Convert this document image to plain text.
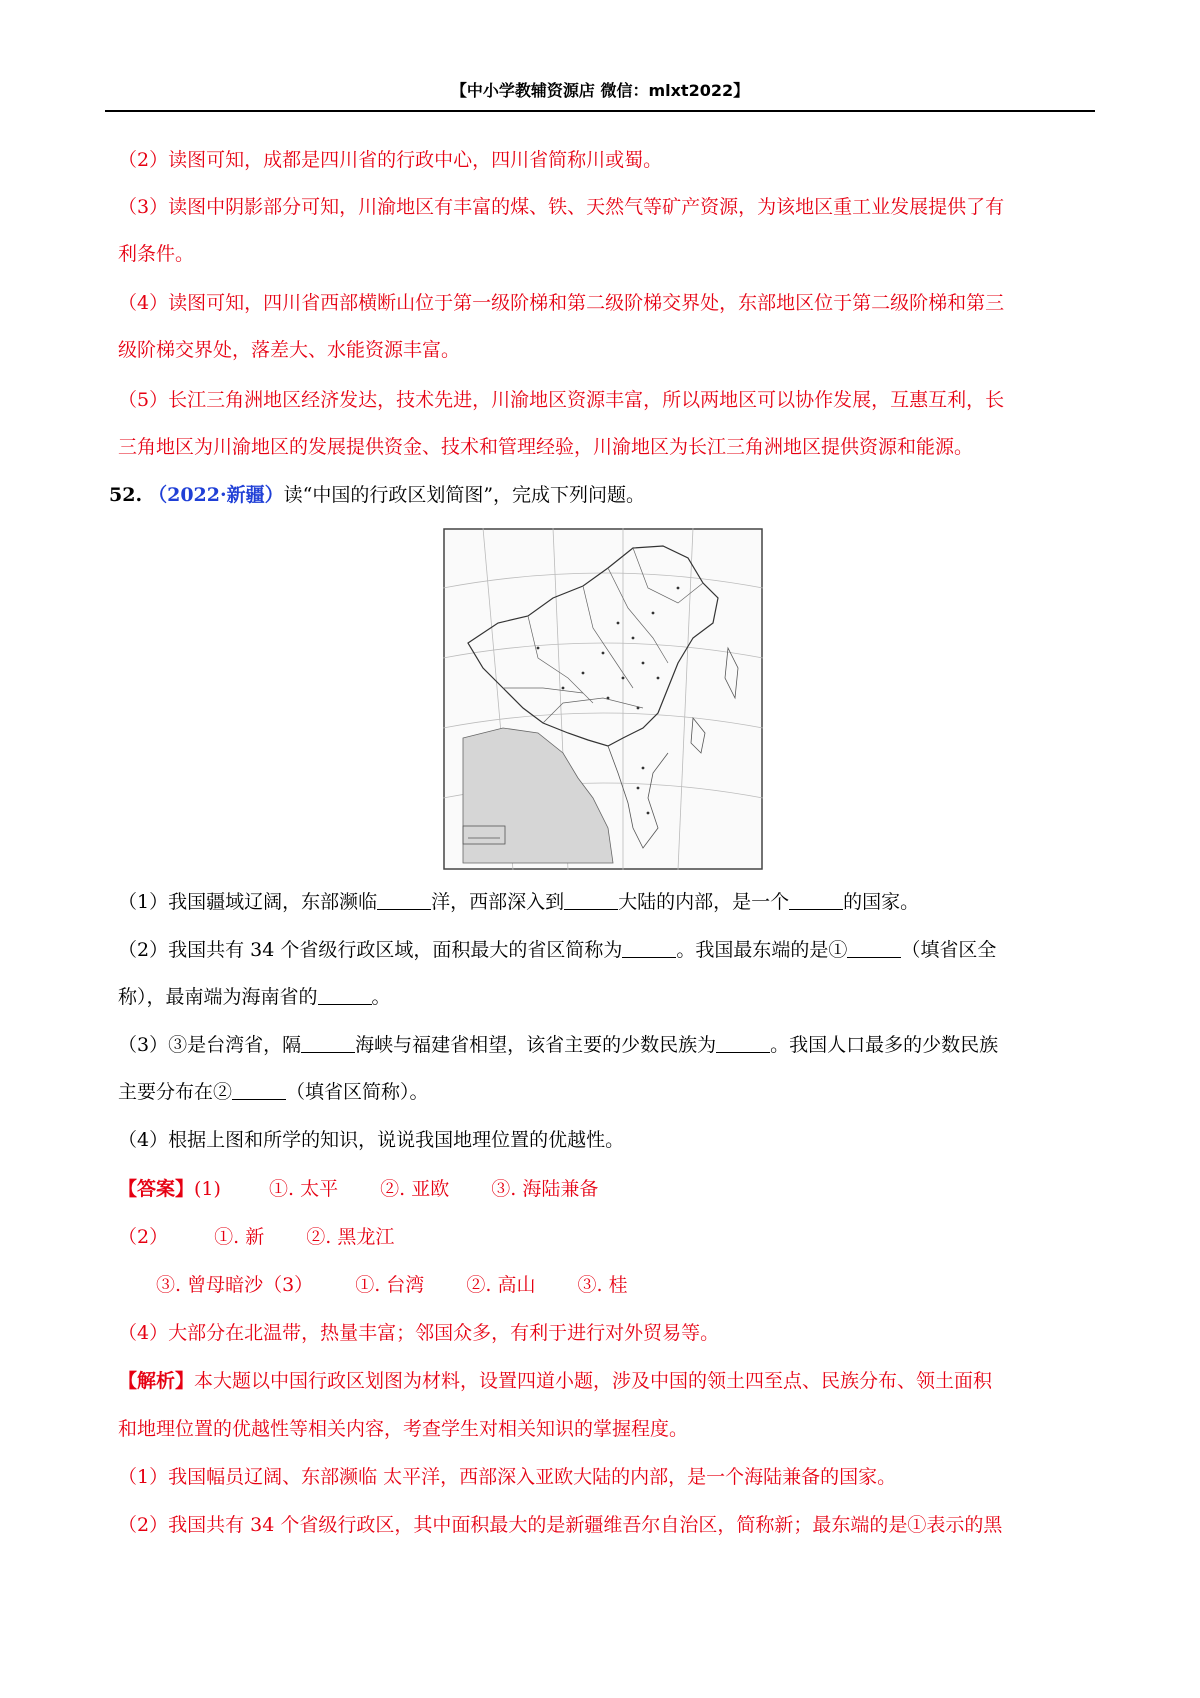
【中小学教辅资源店 微信：mlxt2022】
（2）读图可知，成都是四川省的行政中心，四川省简称川或蜀。
（3）读图中阴影部分可知，川渝地区有丰富的煤、铁、天然气等矿产资源，为该地区重工业发展提供了有
利条件。
（4）读图可知，四川省西部横断山位于第一级阶梯和第二级阶梯交界处，东部地区位于第二级阶梯和第三
级阶梯交界处，落差大、水能资源丰富。
（5）长江三角洲地区经济发达，技术先进，川渝地区资源丰富，所以两地区可以协作发展，互惠互利，长
三角地区为川渝地区的发展提供资金、技术和管理经验，川渝地区为长江三角洲地区提供资源和能源。
52. （2022·新疆）读“中国的行政区划简图”，完成下列问题。
（1）我国疆域辽阔，东部濒临	洋，西部深入到	大陆的内部，是一个	的国家。
（2）我国共有 34 个省级行政区域，面积最大的省区简称为	。我国最东端的是①	（填省区全
称），最南端为海南省的	。
（3）③是台湾省，隔	海峡与福建省相望，该省主要的少数民族为	。我国人口最多的少数民族
主要分布在②	（填省区简称）。
（4）根据上图和所学的知识，说说我国地理位置的优越性。
【答案】(1)	①. 太平 ②. 亚欧 ③. 海陆兼备
（2） ①. 新 ②. 黑龙江
③. 曾母暗沙（3） ①. 台湾 ②. 高山 ③. 桂
（4）大部分在北温带，热量丰富；邻国众多，有利于进行对外贸易等。
【解析】本大题以中国行政区划图为材料，设置四道小题，涉及中国的领土四至点、民族分布、领土面积
和地理位置的优越性等相关内容，考查学生对相关知识的掌握程度。
（1）我国幅员辽阔、东部濒临 太平洋，西部深入亚欧大陆的内部，是一个海陆兼备的国家。
（2）我国共有 34 个省级行政区，其中面积最大的是新疆维吾尔自治区，简称新；最东端的是①表示的黑
